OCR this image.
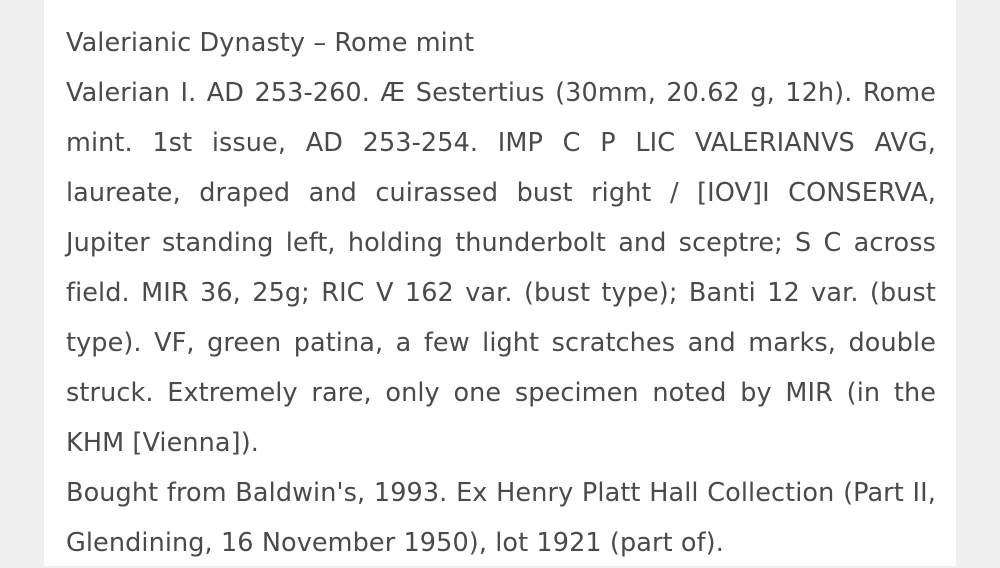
Valerianic Dynasty – Rome mint
Valerian I. AD 253-260. Æ Sestertius (30mm, 20.62 g, 12h). Rome mint. 1st issue, AD 253-254. IMP C P LIC VALERIANVS AVG, laureate, draped and cuirassed bust right / [IOV]I CONSERVA, Jupiter standing left, holding thunderbolt and sceptre; S C across field. MIR 36, 25g; RIC V 162 var. (bust type); Banti 12 var. (bust type). VF, green patina, a few light scratches and marks, double struck. Extremely rare, only one specimen noted by MIR (in the KHM [Vienna]).
Bought from Baldwin's, 1993. Ex Henry Platt Hall Collection (Part II, Glendining, 16 November 1950), lot 1921 (part of).
